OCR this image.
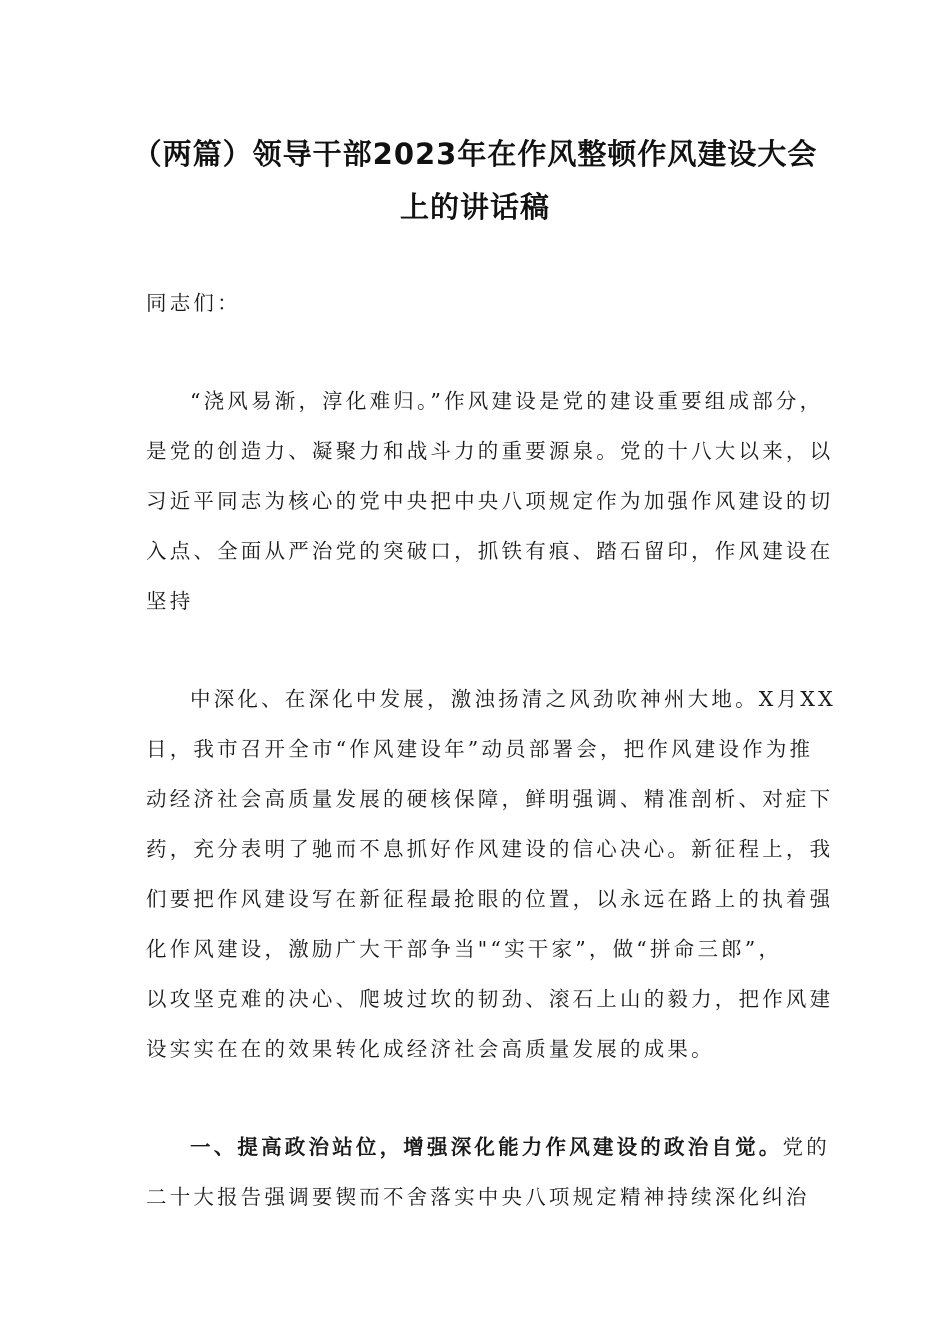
（两篇）领导干部2023年在作风整顿作风建设大会
上的讲话稿

同志们：

“浇风易渐，淳化难归。”作风建设是党的建设重要组成部分，

是党的创造力、凝聚力和战斗力的重要源泉。党的十八大以来，以

习近平同志为核心的党中央把中央八项规定作为加强作风建设的切

入点、全面从严治党的突破口，抓铁有痕、踏石留印，作风建设在

坚持

中深化、在深化中发展，激浊扬清之风劲吹神州大地。X月XX

日，我市召开全市“作风建设年”动员部署会，把作风建设作为推

动经济社会高质量发展的硬核保障，鲜明强调、精准剖析、对症下

药，充分表明了驰而不息抓好作风建设的信心决心。新征程上，我

们要把作风建设写在新征程最抢眼的位置，以永远在路上的执着强

化作风建设，激励广大干部争当"“实干家”，做“拼命三郎”，

以攻坚克难的决心、爬坡过坎的韧劲、滚石上山的毅力，把作风建

设实实在在的效果转化成经济社会高质量发展的成果。

一、提高政治站位，增强深化能力作风建设的政治自觉。党的

二十大报告强调要锲而不舍落实中央八项规定精神持续深化纠治
